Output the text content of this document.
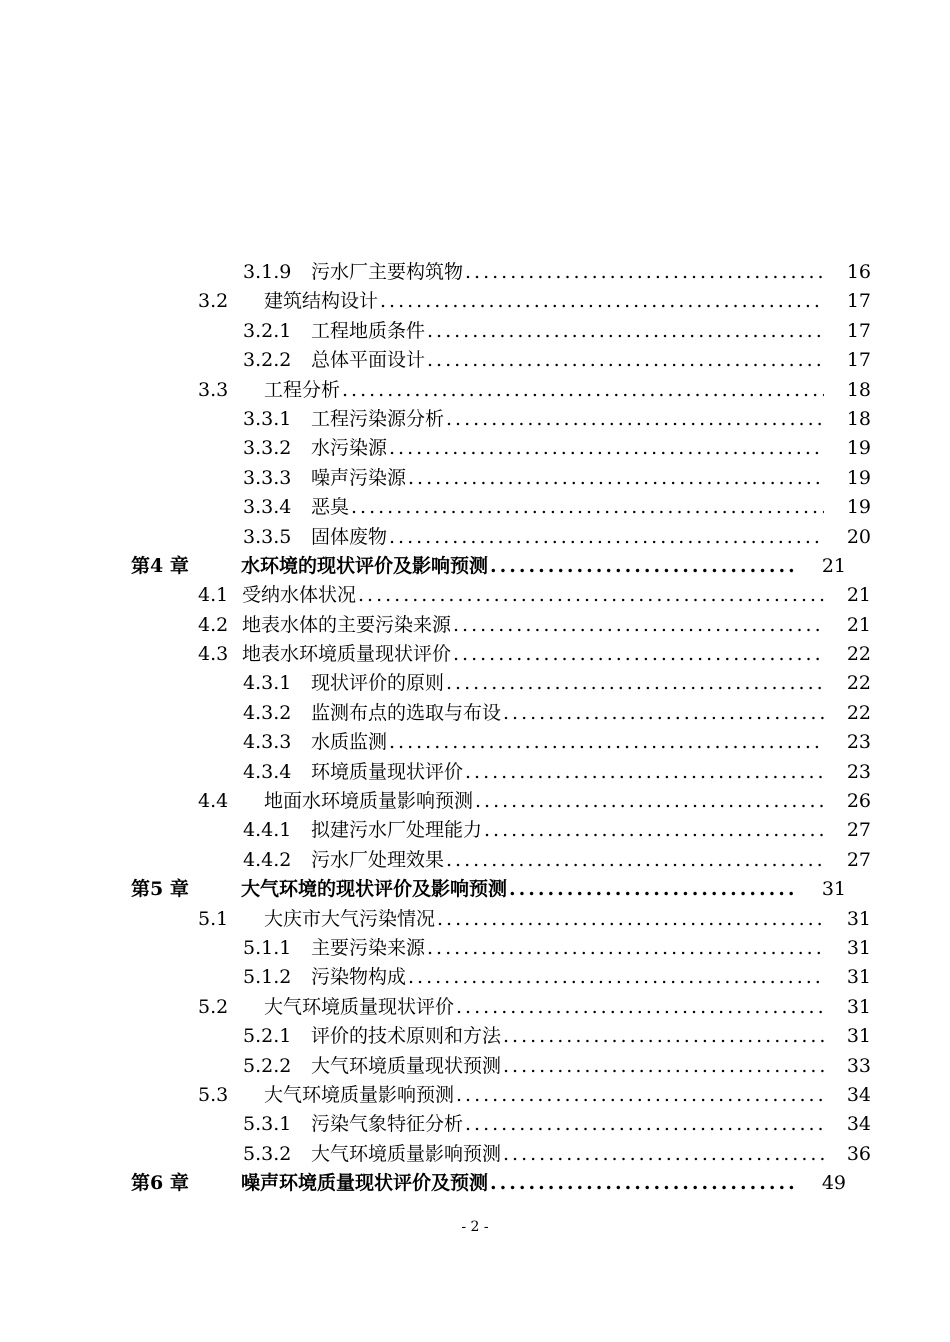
3.1.9	污水厂主要构筑物 .....	16
3.2	建筑结构设计 .....	17
3.2.1	工程地质条件 .....	17
3.2.2	总体平面设计 .....	17
3.3	工程分析 .....	18
3.3.1	工程污染源分析 .....	18
3.3.2	水污染源 .....	19
3.3.3	噪声污染源 .....	19
3.3.4	恶臭 .....	19
3.3.5	固体废物 .....	20
第4 章	水环境的现状评价及影响预测 .....	21
4.1 受纳水体状况 .....	21
4.2 地表水体的主要污染来源 .....	21
4.3 地表水环境质量现状评价 .....	22
4.3.1	现状评价的原则 .....	22
4.3.2	监测布点的选取与布设 .....	22
4.3.3	水质监测 .....	23
4.3.4	环境质量现状评价 .....	23
4.4	地面水环境质量影响预测 .....	26
4.4.1	拟建污水厂处理能力 .....	27
4.4.2	污水厂处理效果 .....	27
第5 章	大气环境的现状评价及影响预测 .....	31
5.1	大庆市大气污染情况 .....	31
5.1.1	主要污染来源 .....	31
5.1.2	污染物构成 .....	31
5.2	大气环境质量现状评价 .....	31
5.2.1	评价的技术原则和方法 .....	31
5.2.2	大气环境质量现状预测 .....	33
5.3	大气环境质量影响预测 .....	34
5.3.1	污染气象特征分析 .....	34
5.3.2	大气环境质量影响预测 .....	36
第6 章	噪声环境质量现状评价及预测 .....	49
- 2 -
